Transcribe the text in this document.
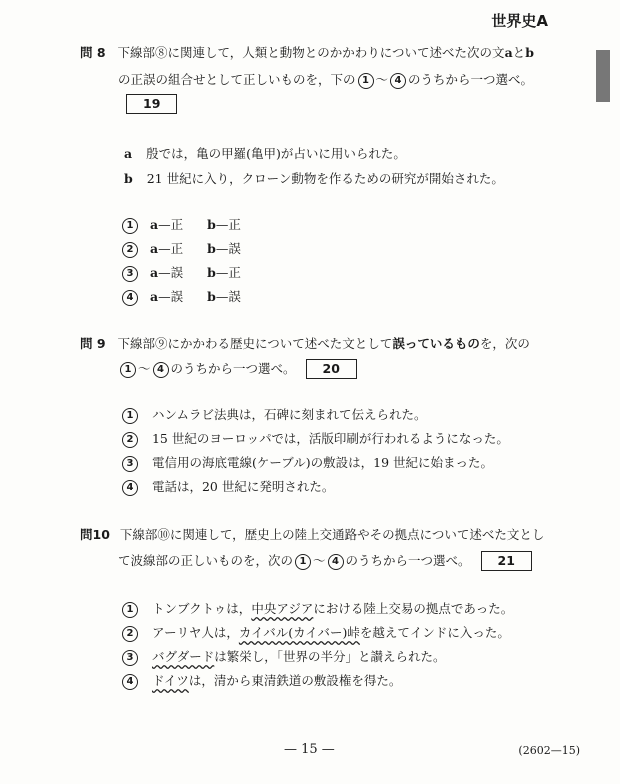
世界史A
問 8 下線部⑧に関連して，人類と動物とのかかわりについて述べた次の文aとb
の正誤の組合せとして正しいものを，下の 1 〜 4 のうちから一つ選べ。
19
a 殷では，亀の甲羅(亀甲)が占いに用いられた。
b 21 世紀に入り，クローン動物を作るための研究が開始された。
1 a—正 b—正
2 a—正 b—誤
3 a—誤 b—正
4 a—誤 b—誤
問 9 下線部⑨にかかわる歴史について述べた文として誤っているものを，次の
1 〜 4 のうちから一つ選べ。 20
1 ハンムラビ法典は，石碑に刻まれて伝えられた。
2 15 世紀のヨーロッパでは，活版印刷が行われるようになった。
3 電信用の海底電線(ケーブル)の敷設は，19 世紀に始まった。
4 電話は，20 世紀に発明された。
問10 下線部⑩に関連して，歴史上の陸上交通路やその拠点について述べた文とし
て波線部の正しいものを，次の 1 〜 4 のうちから一つ選べ。 21
1 トンブクトゥは，中央アジアにおける陸上交易の拠点であった。
2 アーリヤ人は，カイバル(カイバー)峠を越えてインドに入った。
3 バグダードは繁栄し，「世界の半分」と讃えられた。
4 ドイツは，清から東清鉄道の敷設権を得た。
— 15 —	(2602—15)
